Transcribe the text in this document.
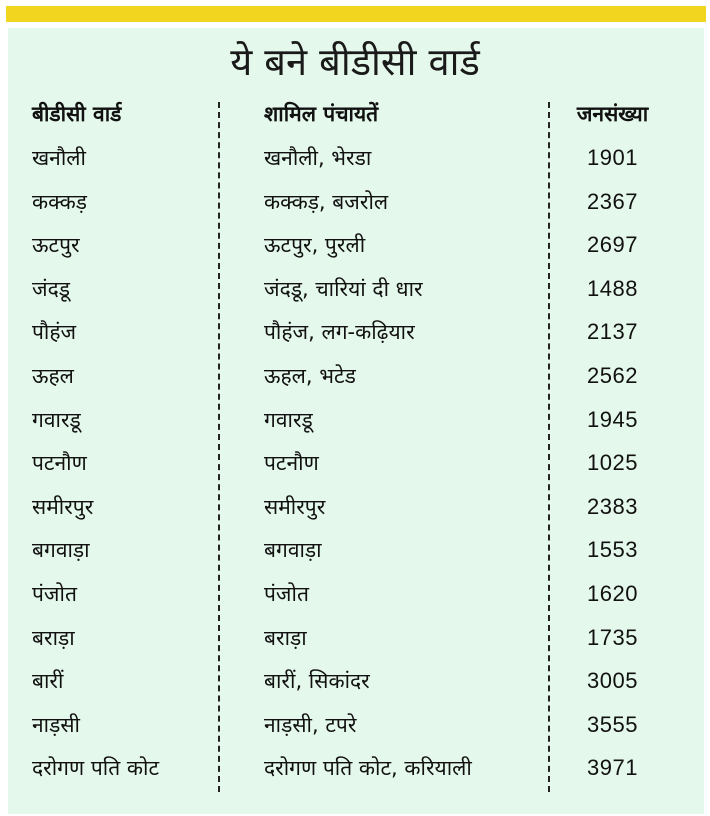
ये बने बीडीसी वार्ड
बीडीसी वार्ड	शामिल पंचायतें	जनसंख्या
खनौली	खनौली, भेरडा	1901
कक्कड़	कक्कड़, बजरोल	2367
ऊटपुर	ऊटपुर, पुरली	2697
जंदडू	जंदडू, चारियां दी धार	1488
पौहंज	पौहंज, लग-कढ़ियार	2137
ऊहल	ऊहल, भटेड	2562
गवारडू	गवारडू	1945
पटनौण	पटनौण	1025
समीरपुर	समीरपुर	2383
बगवाड़ा	बगवाड़ा	1553
पंजोत	पंजोत	1620
बराड़ा	बराड़ा	1735
बारीं	बारीं, सिकांदर	3005
नाड़सी	नाड़सी, टपरे	3555
दरोगण पति कोट	दरोगण पति कोट, करियाली	3971
